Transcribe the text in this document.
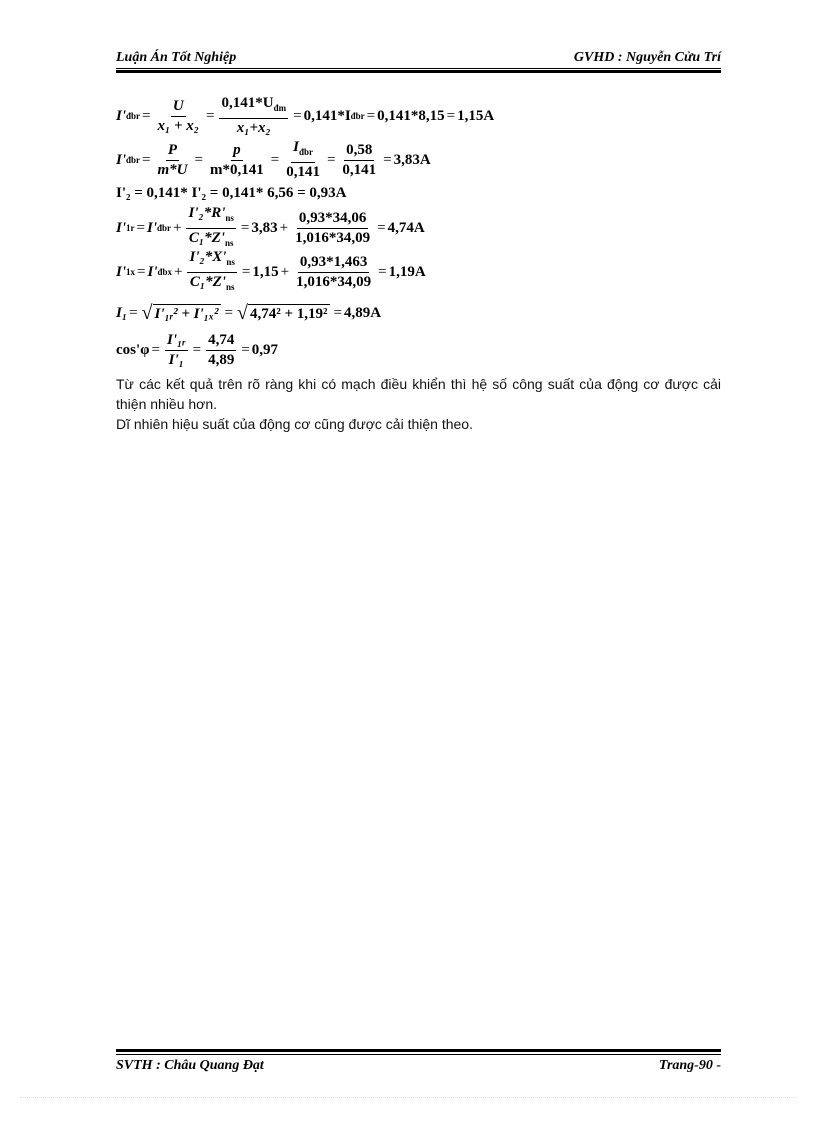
Luận Án Tốt Nghiệp	GVHD : Nguyễn Cửu Trí
I' đbr = $\frac{U}{\text{x₁ + x₂}} = \frac{0,141*U_{đm}}{\text{x₁+x₂}} = 0,141*I$ đbr = 0,141*8,15 = 1,15A
I' đbr = $\frac{P}{m*U} = \frac{p}{m*0,141} = \frac{I_{đbr}}{0,141} = \frac{0,58}{0,141} = 3,83A$
I'₂ = 0,141* I'₂ = 0,141* 6,56 = 0,93A
I' 1r = I' đbr + $\frac{I'_2*R'_{ns}}{C_1*Z'_{ns}} = 3,83 + \frac{0,93*34,06}{1,016*34,09} = 4,74A$
I' 1x = I' đbx + $\frac{I'_2*X'_{ns}}{C_1*Z'_{ns}} = 1,15 + \frac{0,93*1,463}{1,016*34,09} = 1,19A$
I₁ = √ I'₁ᵣ² + I'₁ₓ² = √ 4,74² + 1,19² = 4,89A
$\cos'\varphi = \frac{\text{I'₁ᵣ}}{\text{I'₁}} = \frac{4,74}{4,89} = 0,97$
Từ các kết quả trên rõ ràng khi có mạch điều khiển thì hệ số công suất của động cơ được cải thiện nhiều hơn.
Dĩ nhiên hiệu suất của động cơ cũng được cải thiện theo.
SVTH : Châu Quang Đạt	Trang-90 -
